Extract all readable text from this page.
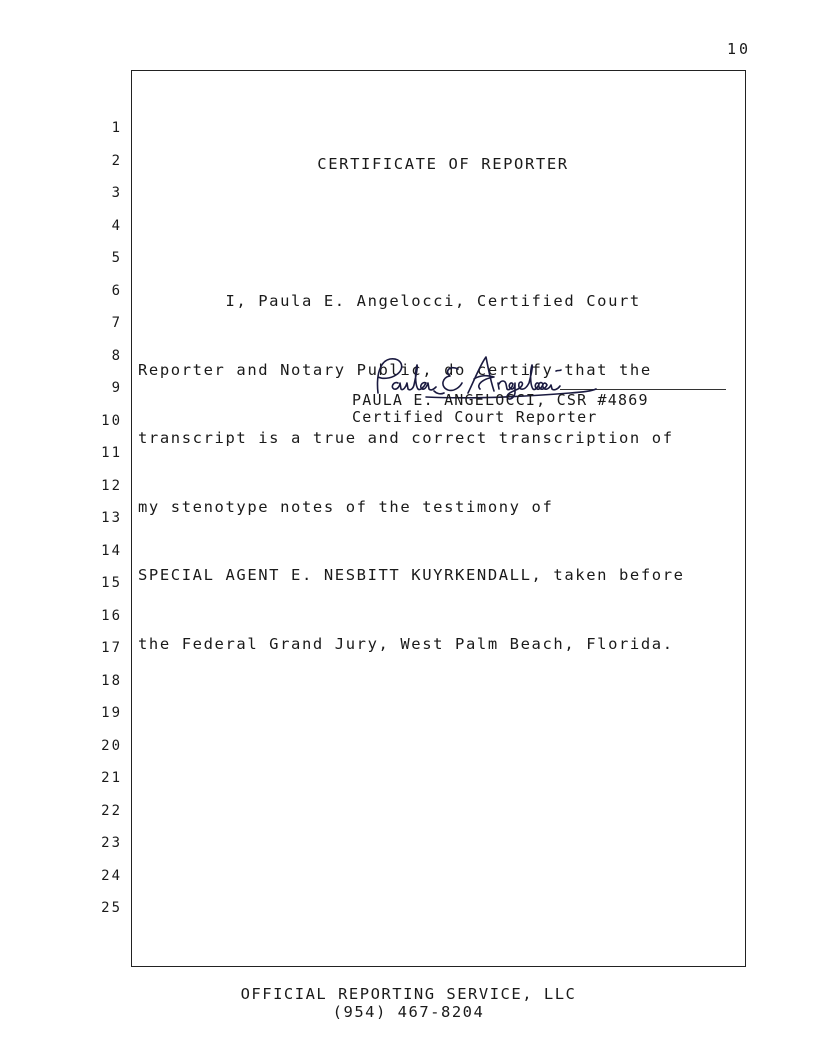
10
1
2
3
4
5
6
7
8
9
10
11
12
13
14
15
16
17
18
19
20
21
22
23
24
25

CERTIFICATE OF REPORTER

I, Paula E. Angelocci, Certified Court

Reporter and Notary Public, do certify that the

transcript is a true and correct transcription of

my stenotype notes of the testimony of

SPECIAL AGENT E. NESBITT KUYRKENDALL, taken before

the Federal Grand Jury, West Palm Beach, Florida.

PAULA E. ANGELOCCI, CSR #4869
Certified Court Reporter
OFFICIAL REPORTING SERVICE, LLC
(954) 467-8204
